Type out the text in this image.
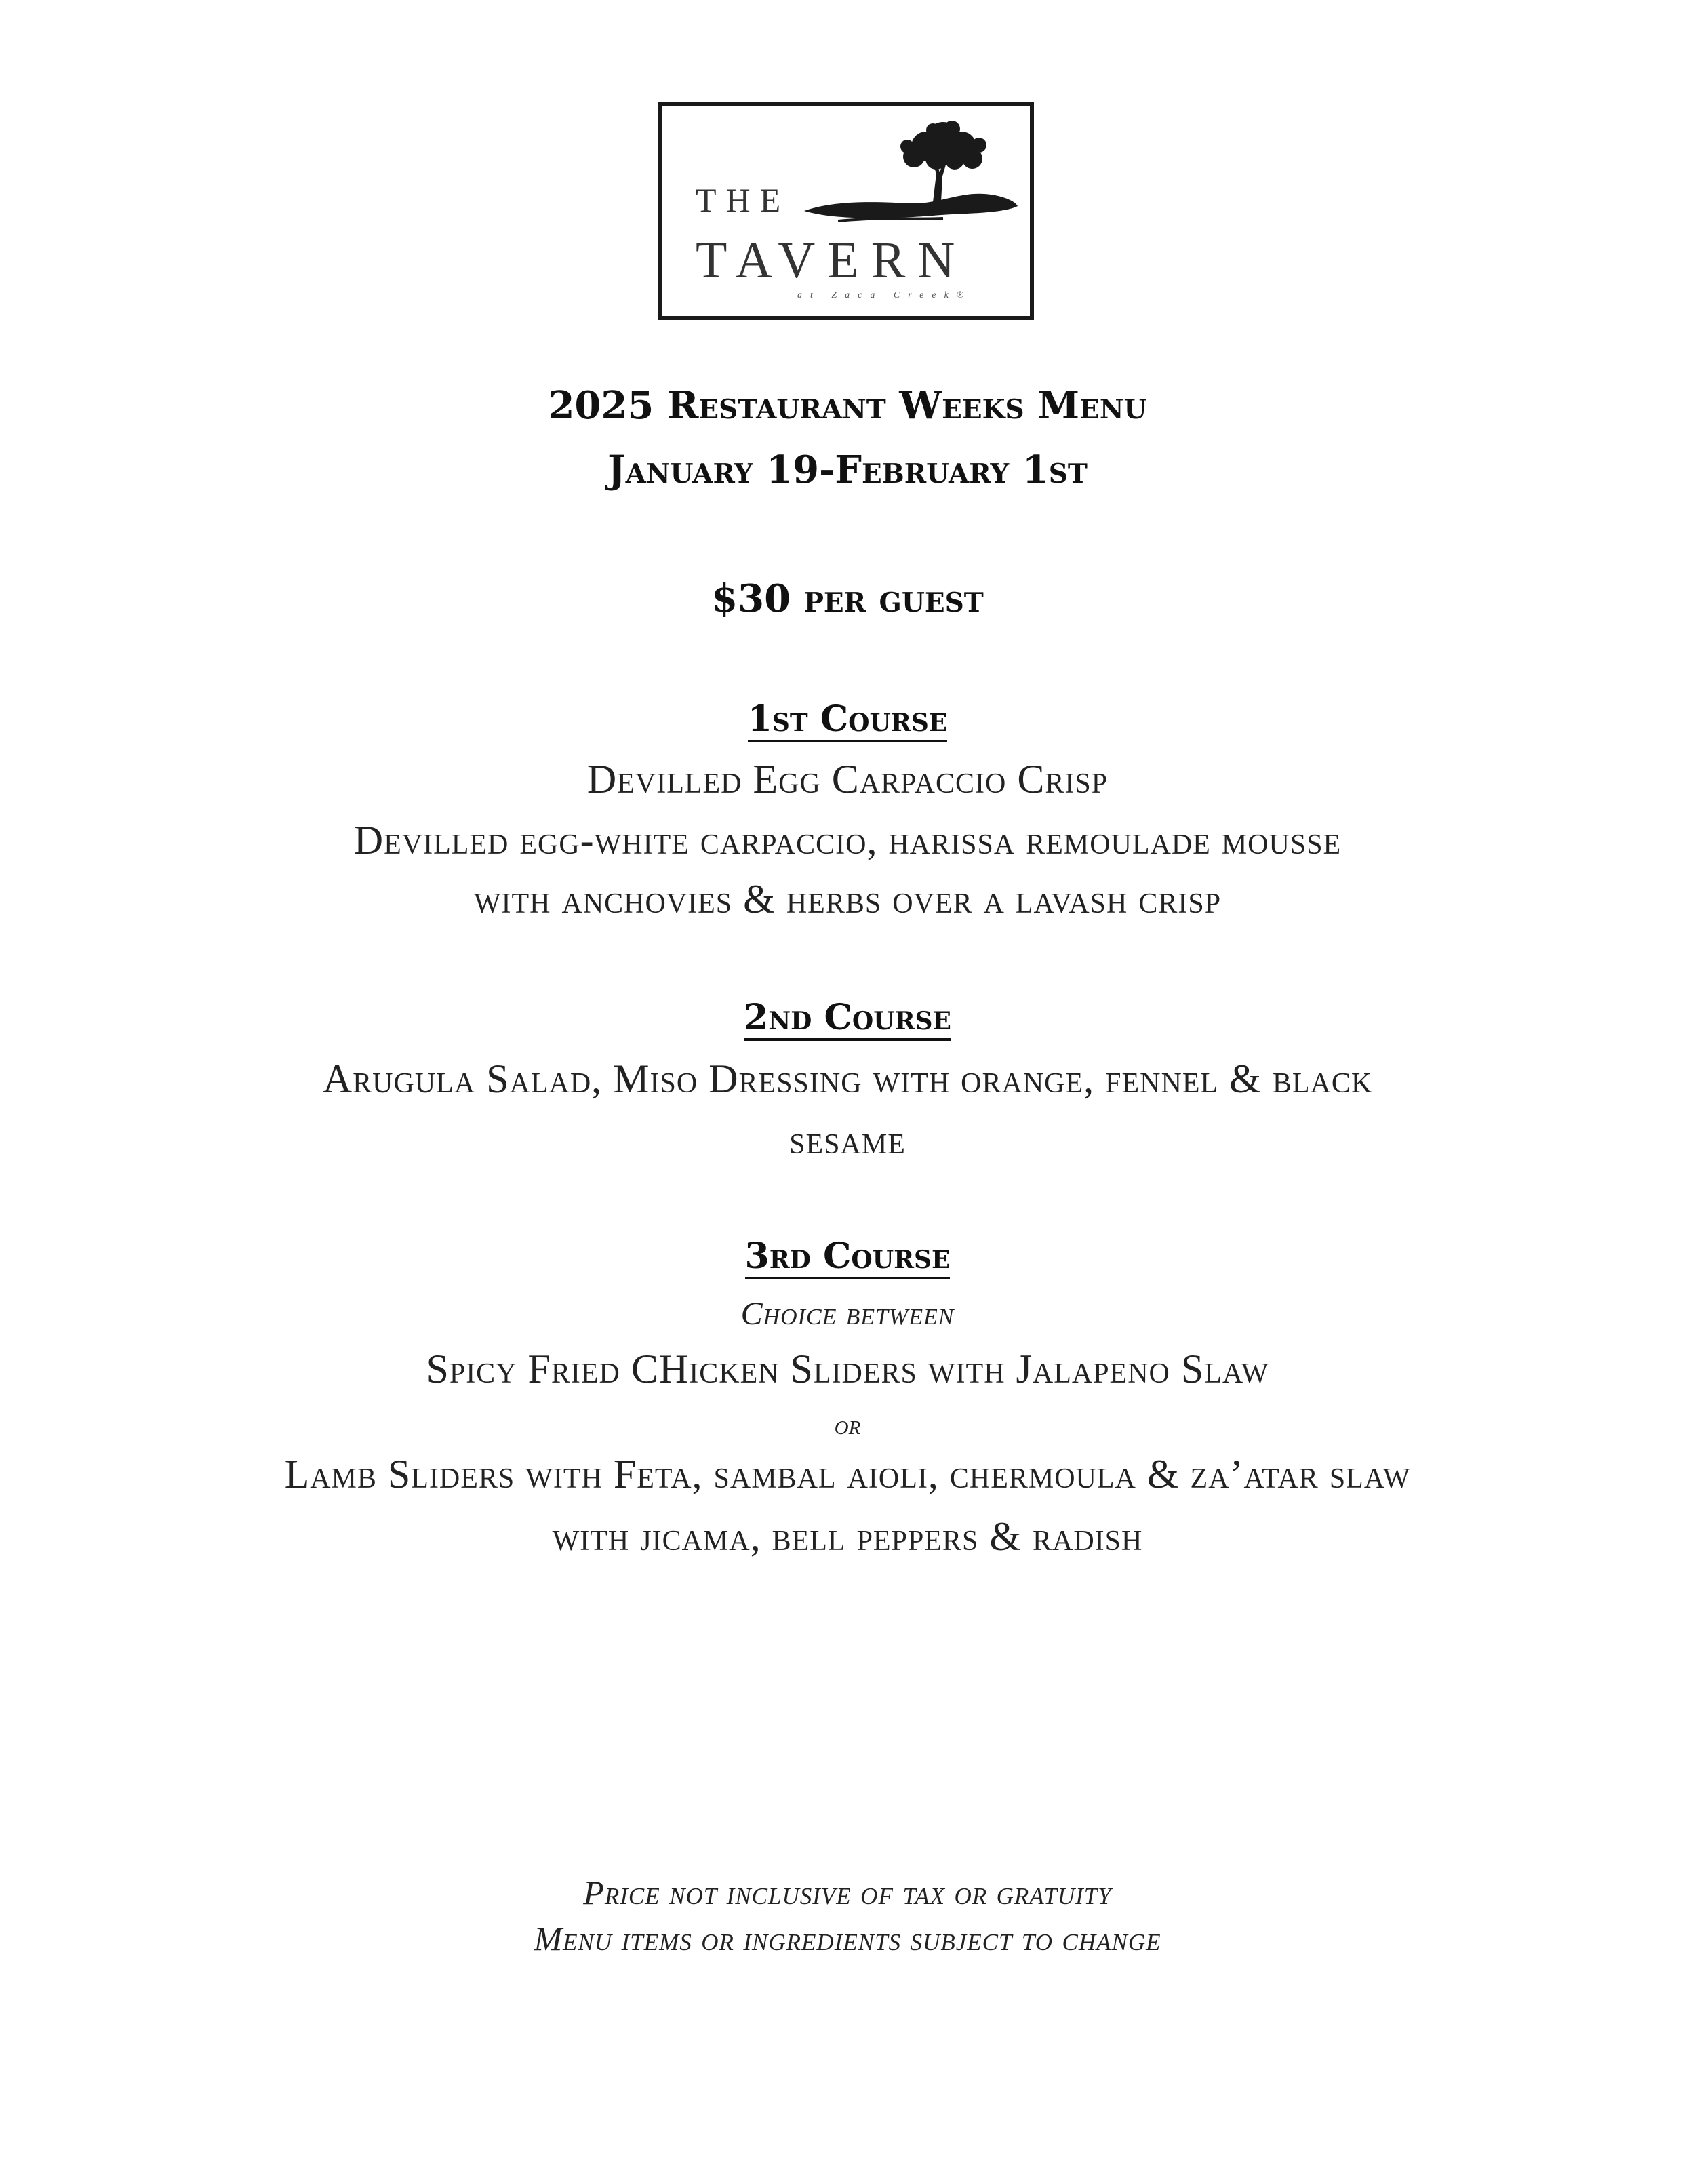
THE
TAVERN
at Zaca Creek®
2025 Restaurant Weeks Menu
January 19-February 1st
$30 per guest
1st Course
Devilled Egg Carpaccio Crisp
Devilled egg-white carpaccio, harissa remoulade mousse
with anchovies & herbs over a lavash crisp
2nd Course
Arugula Salad, Miso Dressing with orange, fennel & black
sesame
3rd Course
Choice between
Spicy Fried CHicken Sliders with Jalapeno Slaw
or
Lamb Sliders with Feta, sambal aioli, chermoula & za’atar slaw
with jicama, bell peppers & radish
Price not inclusive of tax or gratuity
Menu items or ingredients subject to change
